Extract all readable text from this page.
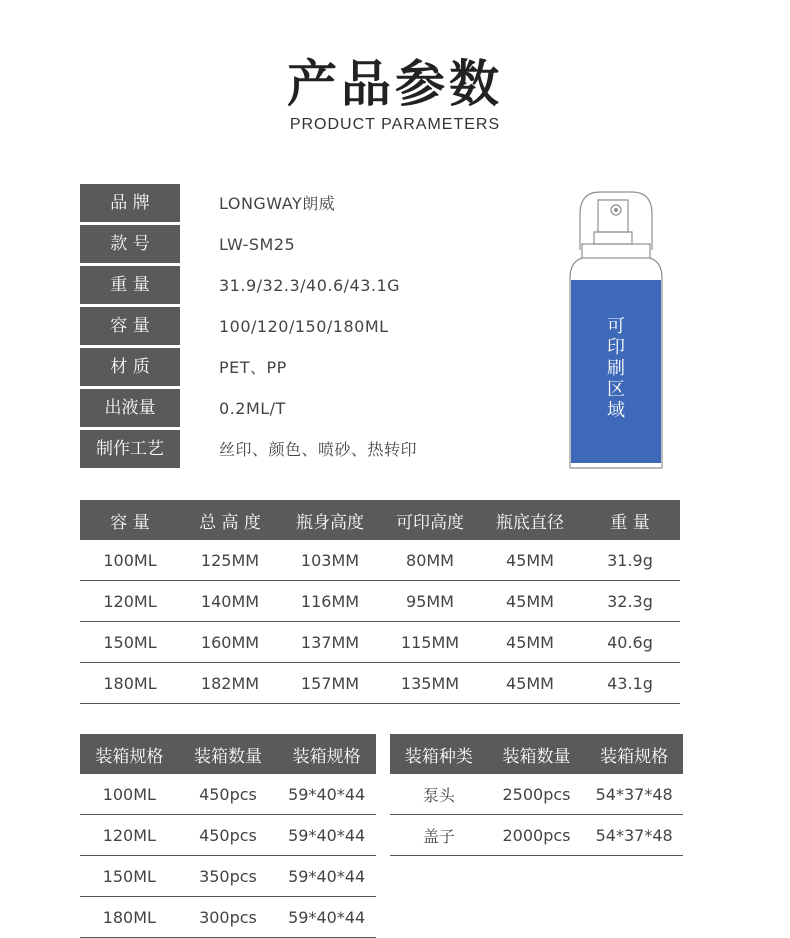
产品参数
PRODUCT PARAMETERS
品 牌	LONGWAY朗威
款 号	LW-SM25
重 量	31.9/32.3/40.6/43.1G
容 量	100/120/150/180ML
材 质	PET、PP
出液量	0.2ML/T
制作工艺	丝印、颜色、喷砂、热转印
可
印
刷
区
域
容 量	总 高 度	瓶身高度	可印高度	瓶底直径	重 量
100ML	125MM	103MM	80MM	45MM	31.9g
120ML	140MM	116MM	95MM	45MM	32.3g
150ML	160MM	137MM	115MM	45MM	40.6g
180ML	182MM	157MM	135MM	45MM	43.1g
装箱规格	装箱数量	装箱规格
100ML	450pcs	59*40*44
120ML	450pcs	59*40*44
150ML	350pcs	59*40*44
180ML	300pcs	59*40*44
装箱种类	装箱数量	装箱规格
泵头	2500pcs	54*37*48
盖子	2000pcs	54*37*48
